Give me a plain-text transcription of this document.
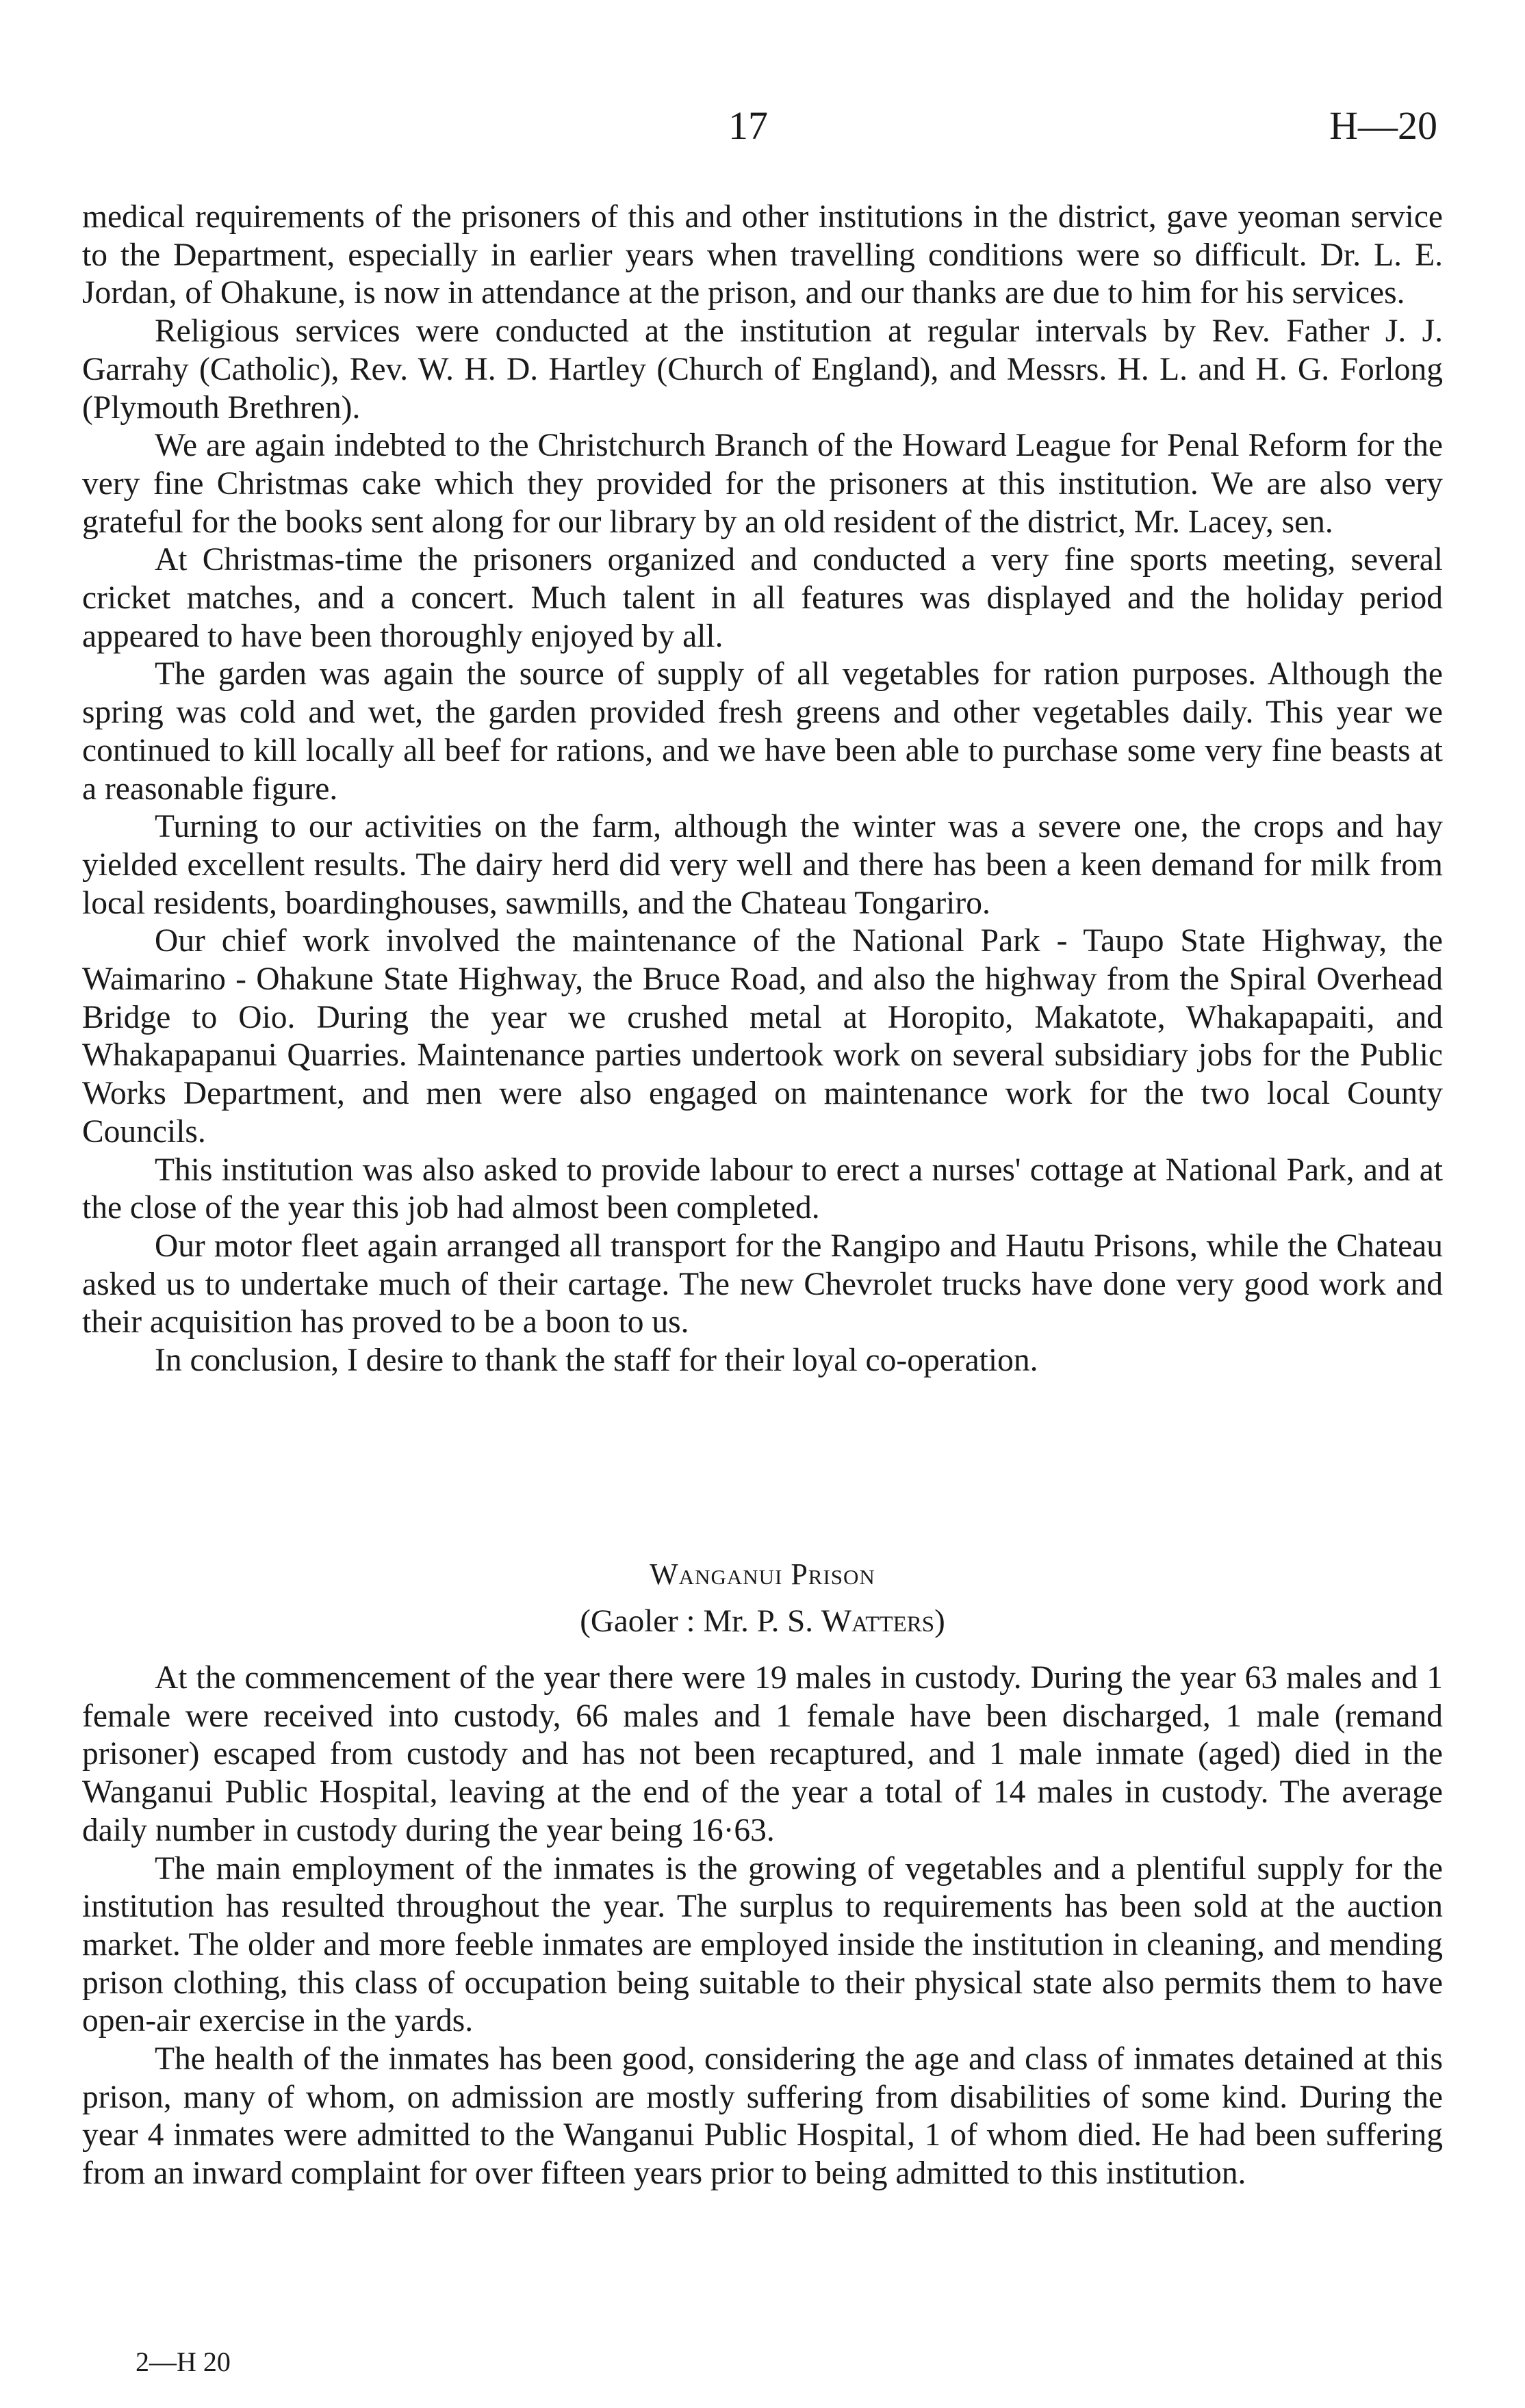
17	H—20

medical requirements of the prisoners of this and other institutions in the district, gave yeoman service to the Department, especially in earlier years when travelling conditions were so difficult. Dr. L. E. Jordan, of Ohakune, is now in attendance at the prison, and our thanks are due to him for his services.

Religious services were conducted at the institution at regular intervals by Rev. Father J. J. Garrahy (Catholic), Rev. W. H. D. Hartley (Church of England), and Messrs. H. L. and H. G. Forlong (Plymouth Brethren).

We are again indebted to the Christchurch Branch of the Howard League for Penal Reform for the very fine Christmas cake which they provided for the prisoners at this institution. We are also very grateful for the books sent along for our library by an old resident of the district, Mr. Lacey, sen.

At Christmas-time the prisoners organized and conducted a very fine sports meeting, several cricket matches, and a concert. Much talent in all features was displayed and the holiday period appeared to have been thoroughly enjoyed by all.

The garden was again the source of supply of all vegetables for ration purposes. Although the spring was cold and wet, the garden provided fresh greens and other vegetables daily. This year we continued to kill locally all beef for rations, and we have been able to purchase some very fine beasts at a reasonable figure.

Turning to our activities on the farm, although the winter was a severe one, the crops and hay yielded excellent results. The dairy herd did very well and there has been a keen demand for milk from local residents, boardinghouses, sawmills, and the Chateau Tongariro.

Our chief work involved the maintenance of the National Park - Taupo State Highway, the Waimarino - Ohakune State Highway, the Bruce Road, and also the highway from the Spiral Overhead Bridge to Oio. During the year we crushed metal at Horopito, Makatote, Whakapapaiti, and Whakapapanui Quarries. Maintenance parties undertook work on several subsidiary jobs for the Public Works Department, and men were also engaged on maintenance work for the two local County Councils.

This institution was also asked to provide labour to erect a nurses' cottage at National Park, and at the close of the year this job had almost been completed.

Our motor fleet again arranged all transport for the Rangipo and Hautu Prisons, while the Chateau asked us to undertake much of their cartage. The new Chevrolet trucks have done very good work and their acquisition has proved to be a boon to us.

In conclusion, I desire to thank the staff for their loyal co-operation.

Wanganui Prison
(Gaoler : Mr. P. S. Watters)

At the commencement of the year there were 19 males in custody. During the year 63 males and 1 female were received into custody, 66 males and 1 female have been discharged, 1 male (remand prisoner) escaped from custody and has not been recaptured, and 1 male inmate (aged) died in the Wanganui Public Hospital, leaving at the end of the year a total of 14 males in custody. The average daily number in custody during the year being 16·63.

The main employment of the inmates is the growing of vegetables and a plentiful supply for the institution has resulted throughout the year. The surplus to requirements has been sold at the auction market. The older and more feeble inmates are employed inside the institution in cleaning, and mending prison clothing, this class of occupation being suitable to their physical state also permits them to have open-air exercise in the yards.

The health of the inmates has been good, considering the age and class of inmates detained at this prison, many of whom, on admission are mostly suffering from disabilities of some kind. During the year 4 inmates were admitted to the Wanganui Public Hospital, 1 of whom died. He had been suffering from an inward complaint for over fifteen years prior to being admitted to this institution.

2—H 20
